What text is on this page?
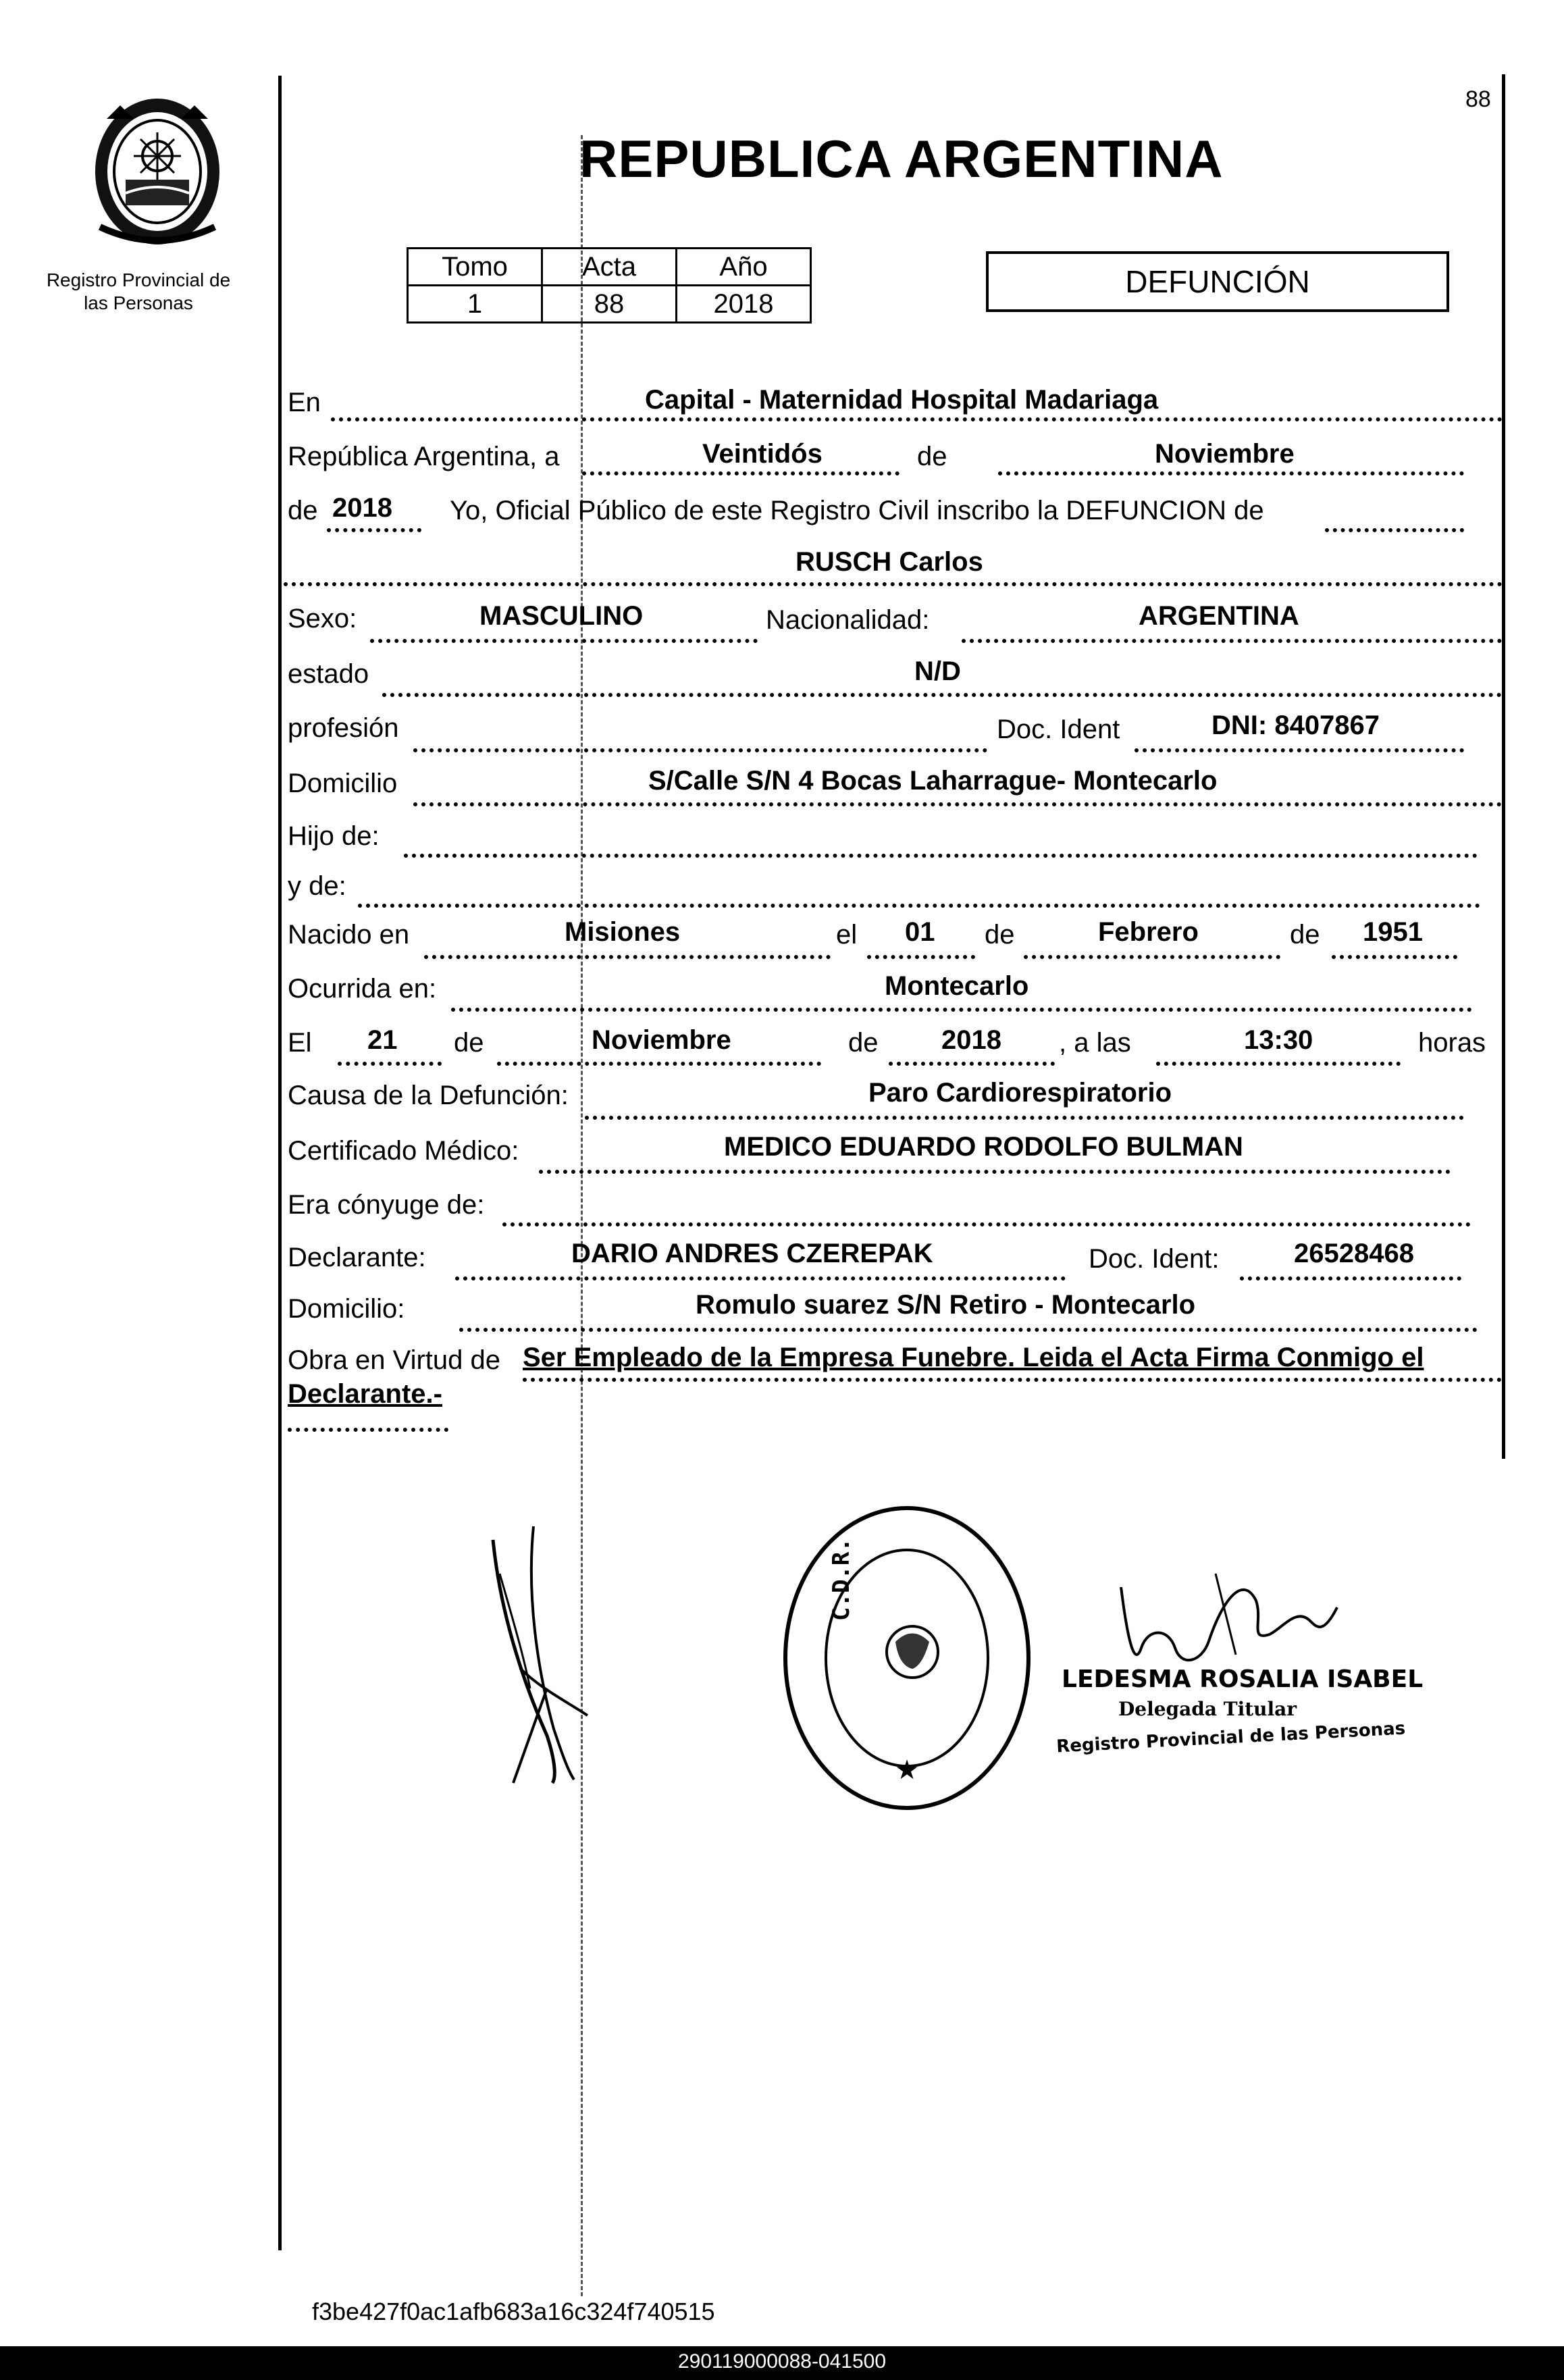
88
Registro Provincial de
las Personas
REPUBLICA ARGENTINA
Tomo	Acta	Año
1	88	2018
DEFUNCIÓN
En	Capital - Maternidad Hospital Madariaga
República Argentina, a	Veintidós	de	Noviembre
de 2018 Yo, Oficial Público de este Registro Civil inscribo la DEFUNCION de
RUSCH Carlos
Sexo:	MASCULINO	Nacionalidad:	ARGENTINA
estado	N/D
profesión	Doc. Ident	DNI: 8407867
Domicilio	S/Calle S/N 4 Bocas Laharrague- Montecarlo
Hijo de:
y de:
Nacido en	Misiones	el 01 de	Febrero	de 1951
Ocurrida en:	Montecarlo
El 21 de	Noviembre	de 2018 , a las	13:30	horas
Causa de la Defunción:	Paro Cardiorespiratorio
Certificado Médico:	MEDICO EDUARDO RODOLFO BULMAN
Era cónyuge de:
Declarante:	DARIO ANDRES CZEREPAK	Doc. Ident:	26528468
Domicilio:	Romulo suarez S/N Retiro - Montecarlo
Obra en Virtud de Ser Empleado de la Empresa Funebre. Leida el Acta Firma Conmigo el
Declarante.-
★
C.D.R.
LEDESMA ROSALIA ISABEL
Delegada Titular
Registro Provincial de las Personas
f3be427f0ac1afb683a16c324f740515
290119000088-041500
